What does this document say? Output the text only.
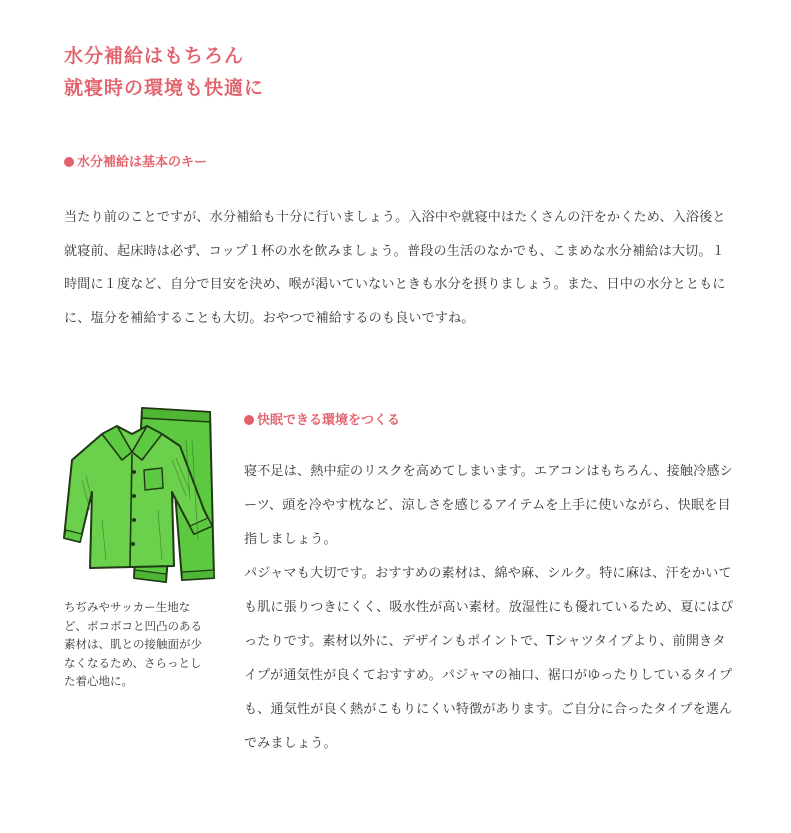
水分補給はもちろん
就寝時の環境も快適に
水分補給は基本のキー
当たり前のことですが、水分補給も十分に行いましょう。入浴中や就寝中はたくさんの汗をかくため、入浴後と
就寝前、起床時は必ず、コップ１杯の水を飲みましょう。普段の生活のなかでも、こまめな水分補給は大切。１
時間に１度など、自分で目安を決め、喉が渇いていないときも水分を摂りましょう。また、日中の水分とともに
に、塩分を補給することも大切。おやつで補給するのも良いですね。
ちぢみやサッカー生地な
ど、ボコボコと凹凸のある
素材は、肌との接触面が少
なくなるため、さらっとし
た着心地に。
快眠できる環境をつくる
寝不足は、熱中症のリスクを高めてしまいます。エアコンはもちろん、接触冷感シ
ーツ、頭を冷やす枕など、涼しさを感じるアイテムを上手に使いながら、快眠を目
指しましょう。
パジャマも大切です。おすすめの素材は、綿や麻、シルク。特に麻は、汗をかいて
も肌に張りつきにくく、吸水性が高い素材。放湿性にも優れているため、夏にはぴ
ったりです。素材以外に、デザインもポイントで、Tシャツタイプより、前開きタ
イプが通気性が良くておすすめ。パジャマの袖口、裾口がゆったりしているタイプ
も、通気性が良く熱がこもりにくい特徴があります。ご自分に合ったタイプを選ん
でみましょう。
